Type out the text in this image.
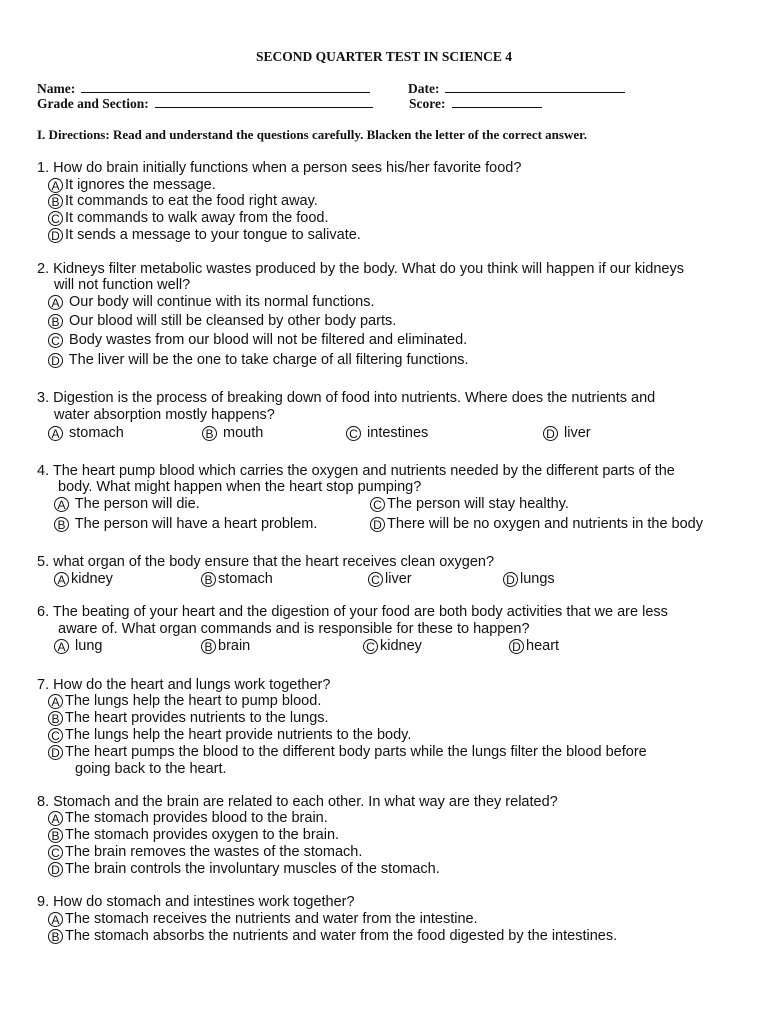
SECOND QUARTER TEST IN SCIENCE 4
Name:	Date:
Grade and Section:	Score:
I. Directions: Read and understand the questions carefully. Blacken the letter of the correct answer.
1. How do brain initially functions when a person sees his/her favorite food?
A It ignores the message.
B It commands to eat the food right away.
C It commands to walk away from the food.
D It sends a message to your tongue to salivate.
2. Kidneys filter metabolic wastes produced by the body. What do you think will happen if our kidneys
will not function well?
A Our body will continue with its normal functions.
B Our blood will still be cleansed by other body parts.
C Body wastes from our blood will not be filtered and eliminated.
D The liver will be the one to take charge of all filtering functions.
3. Digestion is the process of breaking down of food into nutrients. Where does the nutrients and
water absorption mostly happens?
A stomach	B mouth	C intestines	D liver
4. The heart pump blood which carries the oxygen and nutrients needed by the different parts of the
body. What might happen when the heart stop pumping?
A The person will die.
B The person will have a heart problem.
C The person will stay healthy.
D There will be no oxygen and nutrients in the body
5. what organ of the body ensure that the heart receives clean oxygen?
A kidney	B stomach	C liver	D lungs
6. The beating of your heart and the digestion of your food are both body activities that we are less
aware of. What organ commands and is responsible for these to happen?
A lung	B brain	C kidney	D heart
7. How do the heart and lungs work together?
A The lungs help the heart to pump blood.
B The heart provides nutrients to the lungs.
C The lungs help the heart provide nutrients to the body.
D The heart pumps the blood to the different body parts while the lungs filter the blood before
going back to the heart.
8. Stomach and the brain are related to each other. In what way are they related?
A The stomach provides blood to the brain.
B The stomach provides oxygen to the brain.
C The brain removes the wastes of the stomach.
D The brain controls the involuntary muscles of the stomach.
9. How do stomach and intestines work together?
A The stomach receives the nutrients and water from the intestine.
B The stomach absorbs the nutrients and water from the food digested by the intestines.
